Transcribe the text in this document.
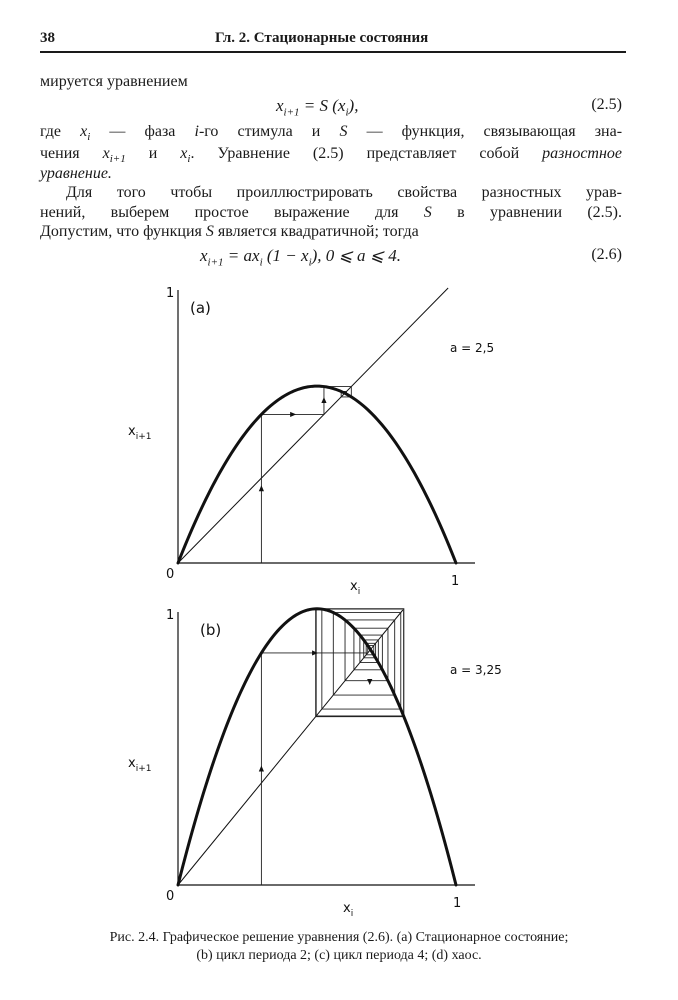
38	Гл. 2. Стационарные состояния
мируется уравнением
$x_{i+1} = S$ $(x_i)$,	(2.5)
где $x_i$ — фаза i-го стимула и S — функция, связывающая зна-
чения $x_{i+1}$ и $x_i$. Уравнение (2.5) представляет собой разностное
уравнение.
Для того чтобы проиллюстрировать свойства разностных урав-
нений, выберем простое выражение для S в уравнении (2.5).
Допустим, что функция S является квадратичной; тогда
$x_{i+1} = ax_i$ $(1 - x_i)$, 0 ⩽ a ⩽ 4.	(2.6)
1
(a)
a = 2,5
$x_{i+1}$
0	1
$x_i$
1
(b)
a = 3,25
$x_{i+1}$
0	1
$x_i$
Рис. 2.4. Графическое решение уравнения (2.6). (а) Стационарное состояние;
(b) цикл периода 2; (с) цикл периода 4; (d) хаос.
